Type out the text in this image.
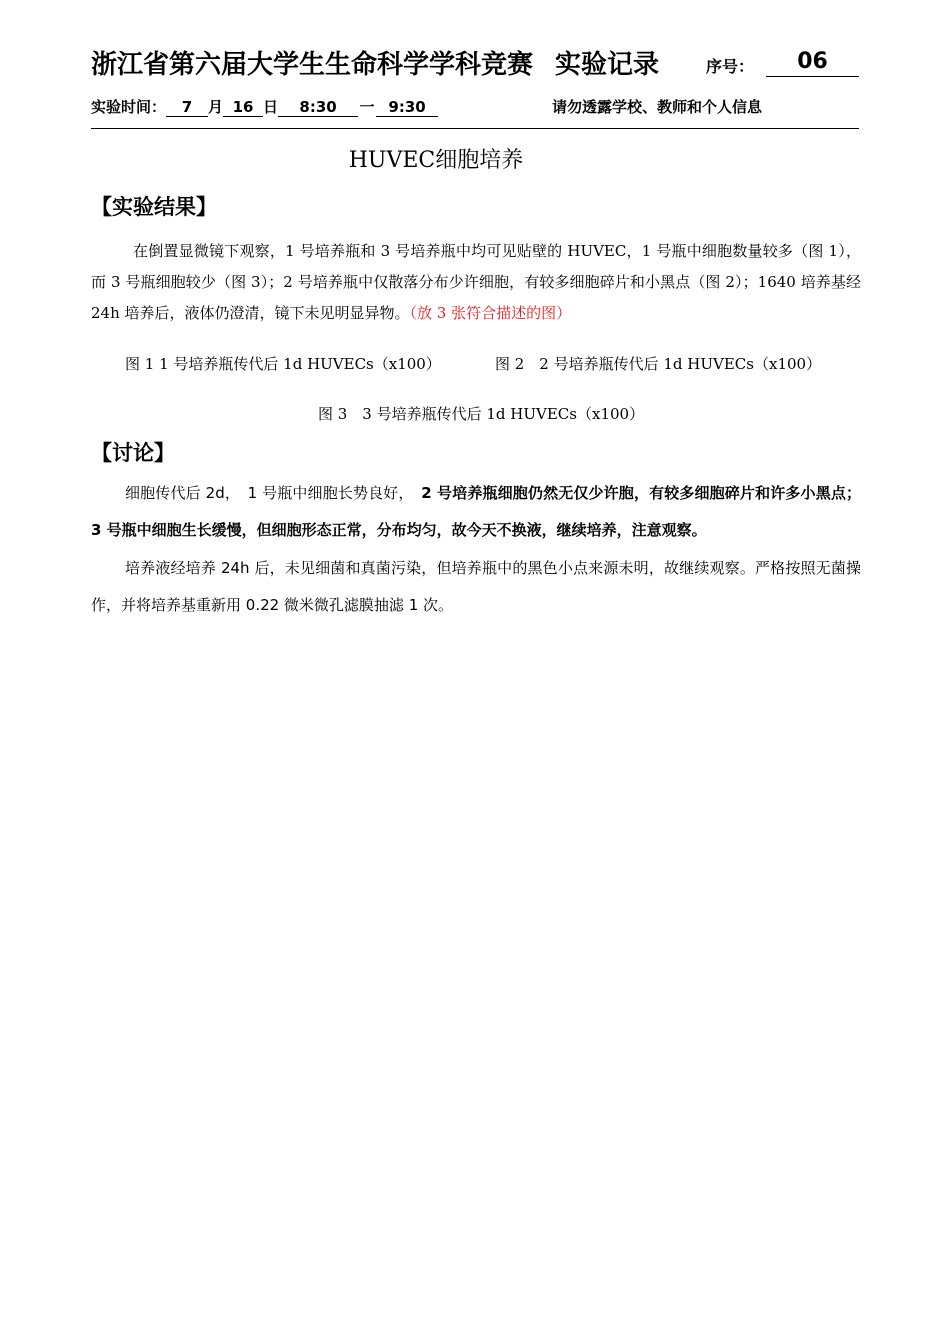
浙江省第六届大学生生命科学学科竞赛 实验记录	序号：	06
实验时间： 7 月 16 日 8:30 一 9:30	请勿透露学校、教师和个人信息
HUVEC细胞培养
【实验结果】
在倒置显微镜下观察，1 号培养瓶和 3 号培养瓶中均可见贴壁的 HUVEC，1 号瓶中细胞数量较多（图 1），而 3 号瓶细胞较少（图 3）；2 号培养瓶中仅散落分布少许细胞，有较多细胞碎片和小黑点（图 2）；1640 培养基经 24h 培养后，液体仍澄清，镜下未见明显异物。（放 3 张符合描述的图）
图 1 1 号培养瓶传代后 1d HUVECs（x100）	图 2　2 号培养瓶传代后 1d HUVECs（x100）
图 3　3 号培养瓶传代后 1d HUVECs（x100）
【讨论】
细胞传代后 2d，　1 号瓶中细胞长势良好，　2 号培养瓶细胞仍然无仅少许胞，有较多细胞碎片和许多小黑点；3 号瓶中细胞生长缓慢，但细胞形态正常，分布均匀，故今天不换液，继续培养，注意观察。
培养液经培养 24h 后，未见细菌和真菌污染，但培养瓶中的黑色小点来源未明，故继续观察。严格按照无菌操作，并将培养基重新用 0.22 微米微孔滤膜抽滤 1 次。
